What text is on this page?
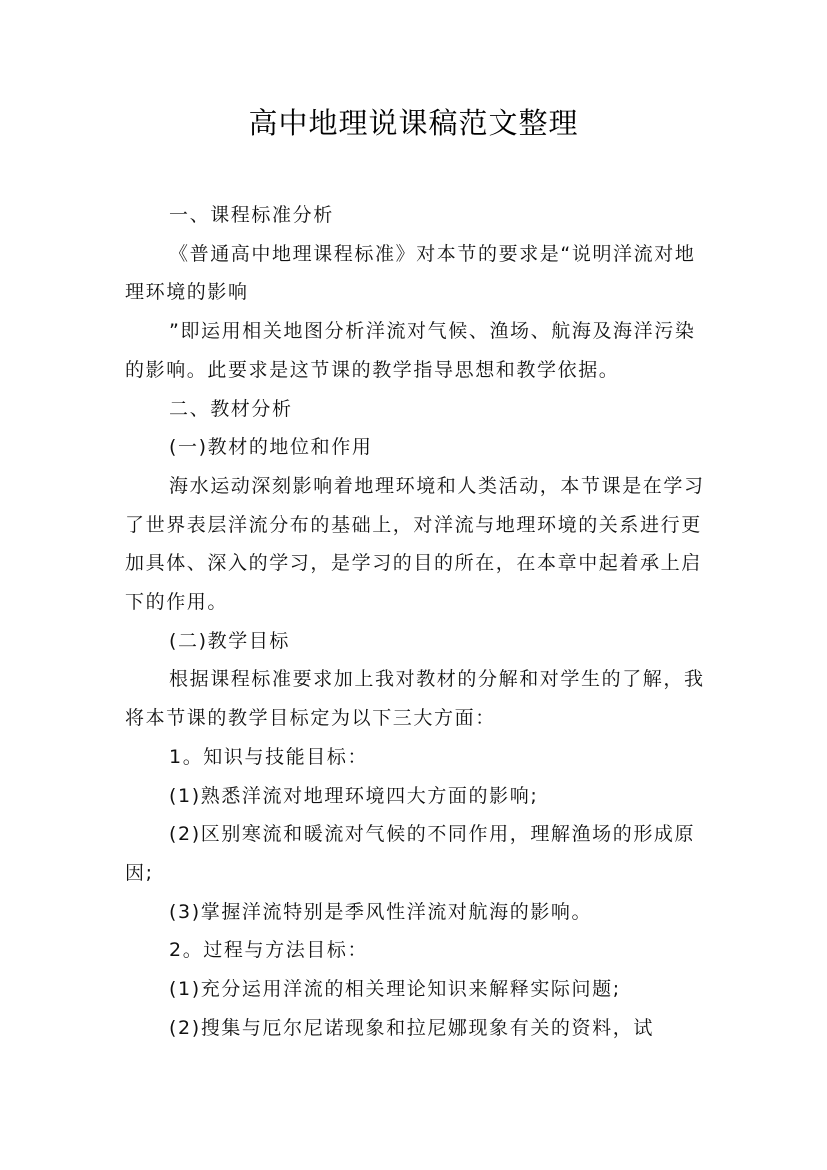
高中地理说课稿范文整理

一、课程标准分析

《普通高中地理课程标准》对本节的要求是“说明洋流对地理环境的影响

”即运用相关地图分析洋流对气候、渔场、航海及海洋污染的影响。此要求是这节课的教学指导思想和教学依据。

二、教材分析

(一)教材的地位和作用

海水运动深刻影响着地理环境和人类活动，本节课是在学习了世界表层洋流分布的基础上，对洋流与地理环境的关系进行更加具体、深入的学习，是学习的目的所在，在本章中起着承上启下的作用。

(二)教学目标

根据课程标准要求加上我对教材的分解和对学生的了解，我将本节课的教学目标定为以下三大方面：

1。知识与技能目标：

(1)熟悉洋流对地理环境四大方面的影响;

(2)区别寒流和暖流对气候的不同作用，理解渔场的形成原因;

(3)掌握洋流特别是季风性洋流对航海的影响。

2。过程与方法目标：

(1)充分运用洋流的相关理论知识来解释实际问题;

(2)搜集与厄尔尼诺现象和拉尼娜现象有关的资料，试
